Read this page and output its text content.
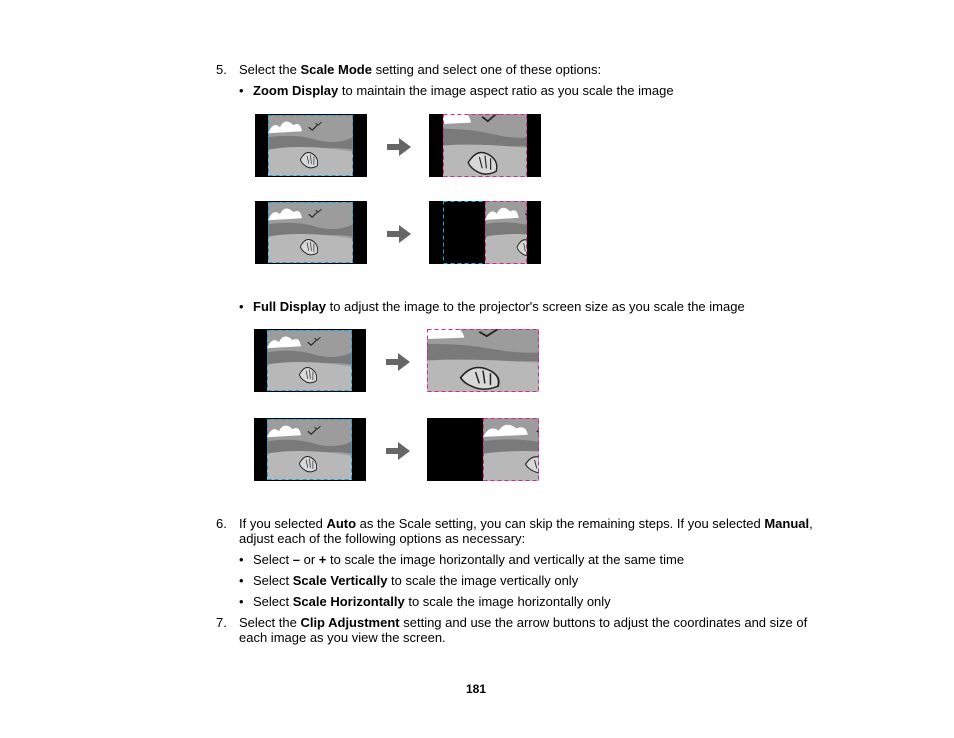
5. Select the Scale Mode setting and select one of these options:
• Zoom Display to maintain the image aspect ratio as you scale the image
• Full Display to adjust the image to the projector's screen size as you scale the image
6. If you selected Auto as the Scale setting, you can skip the remaining steps. If you selected Manual,
adjust each of the following options as necessary:
• Select – or + to scale the image horizontally and vertically at the same time
• Select Scale Vertically to scale the image vertically only
• Select Scale Horizontally to scale the image horizontally only
7. Select the Clip Adjustment setting and use the arrow buttons to adjust the coordinates and size of
each image as you view the screen.
181
